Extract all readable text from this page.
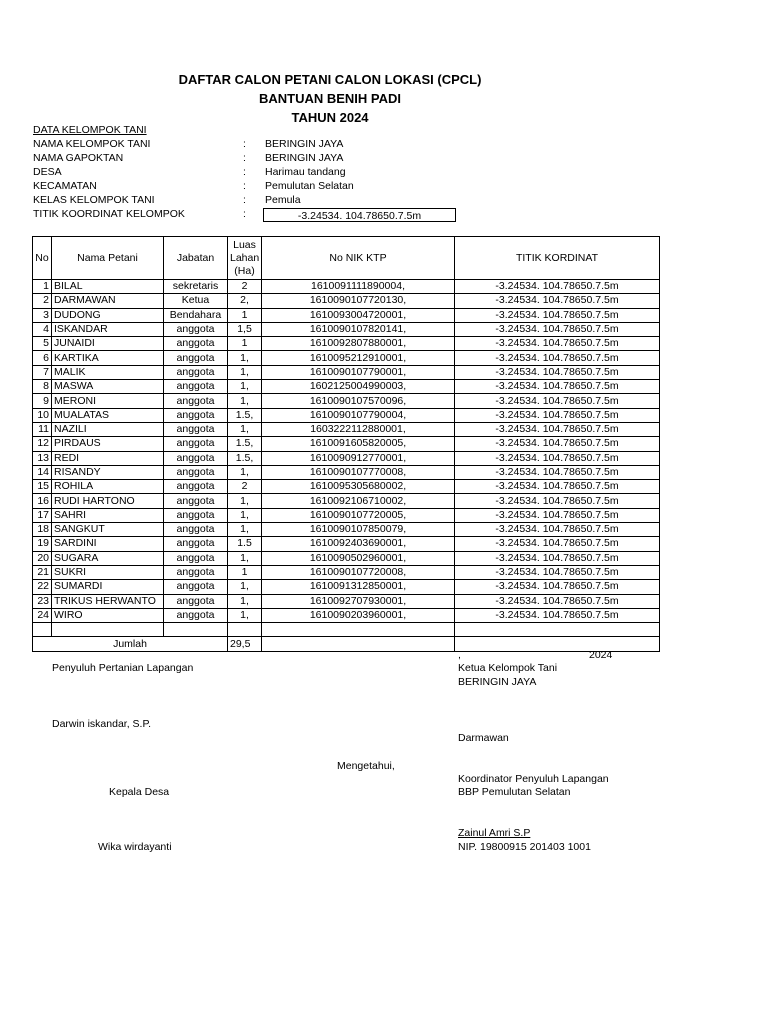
DAFTAR CALON PETANI CALON LOKASI (CPCL)
BANTUAN BENIH PADI
TAHUN 2024
DATA KELOMPOK TANI
NAMA KELOMPOK TANI	: BERINGIN JAYA
NAMA GAPOKTAN	: BERINGIN JAYA
DESA	: Harimau tandang
KECAMATAN	: Pemulutan Selatan
KELAS KELOMPOK TANI	: Pemula
TITIK KOORDINAT KELOMPOK	:	-3.24534. 104.78650.7.5m
No	Nama Petani	Jabatan	Luas
Lahan
(Ha)	No NIK KTP	TITIK KORDINAT
1	BILAL	sekretaris	2	1610091111890004,	-3.24534. 104.78650.7.5m
2	DARMAWAN	Ketua	2,	1610090107720130,	-3.24534. 104.78650.7.5m
3	DUDONG	Bendahara	1	1610093004720001,	-3.24534. 104.78650.7.5m
4	ISKANDAR	anggota	1,5	1610090107820141,	-3.24534. 104.78650.7.5m
5	JUNAIDI	anggota	1	1610092807880001,	-3.24534. 104.78650.7.5m
6	KARTIKA	anggota	1,	1610095212910001,	-3.24534. 104.78650.7.5m
7	MALIK	anggota	1,	1610090107790001,	-3.24534. 104.78650.7.5m
8	MASWA	anggota	1,	1602125004990003,	-3.24534. 104.78650.7.5m
9	MERONI	anggota	1,	1610090107570096,	-3.24534. 104.78650.7.5m
10	MUALATAS	anggota	1.5,	1610090107790004,	-3.24534. 104.78650.7.5m
11	NAZILI	anggota	1,	1603222112880001,	-3.24534. 104.78650.7.5m
12	PIRDAUS	anggota	1.5,	1610091605820005,	-3.24534. 104.78650.7.5m
13	REDI	anggota	1.5,	1610090912770001,	-3.24534. 104.78650.7.5m
14	RISANDY	anggota	1,	1610090107770008,	-3.24534. 104.78650.7.5m
15	ROHILA	anggota	2	1610095305680002,	-3.24534. 104.78650.7.5m
16	RUDI HARTONO	anggota	1,	1610092106710002,	-3.24534. 104.78650.7.5m
17	SAHRI	anggota	1,	1610090107720005,	-3.24534. 104.78650.7.5m
18	SANGKUT	anggota	1,	1610090107850079,	-3.24534. 104.78650.7.5m
19	SARDINI	anggota	1.5	1610092403690001,	-3.24534. 104.78650.7.5m
20	SUGARA	anggota	1,	1610090502960001,	-3.24534. 104.78650.7.5m
21	SUKRI	anggota	1	1610090107720008,	-3.24534. 104.78650.7.5m
22	SUMARDI	anggota	1,	1610091312850001,	-3.24534. 104.78650.7.5m
23	TRIKUS HERWANTO	anggota	1,	1610092707930001,	-3.24534. 104.78650.7.5m
24	WIRO	anggota	1,	1610090203960001,	-3.24534. 104.78650.7.5m

Jumlah			29,5		
,	2024
Penyuluh Pertanian Lapangan	Ketua Kelompok Tani
BERINGIN JAYA
Darwin iskandar, S.P.
Darmawan
Mengetahui,
Koordinator Penyuluh Lapangan
Kepala Desa	BBP Pemulutan Selatan
Zainul Amri S.P
Wika wirdayanti	NIP. 19800915 201403 1001
